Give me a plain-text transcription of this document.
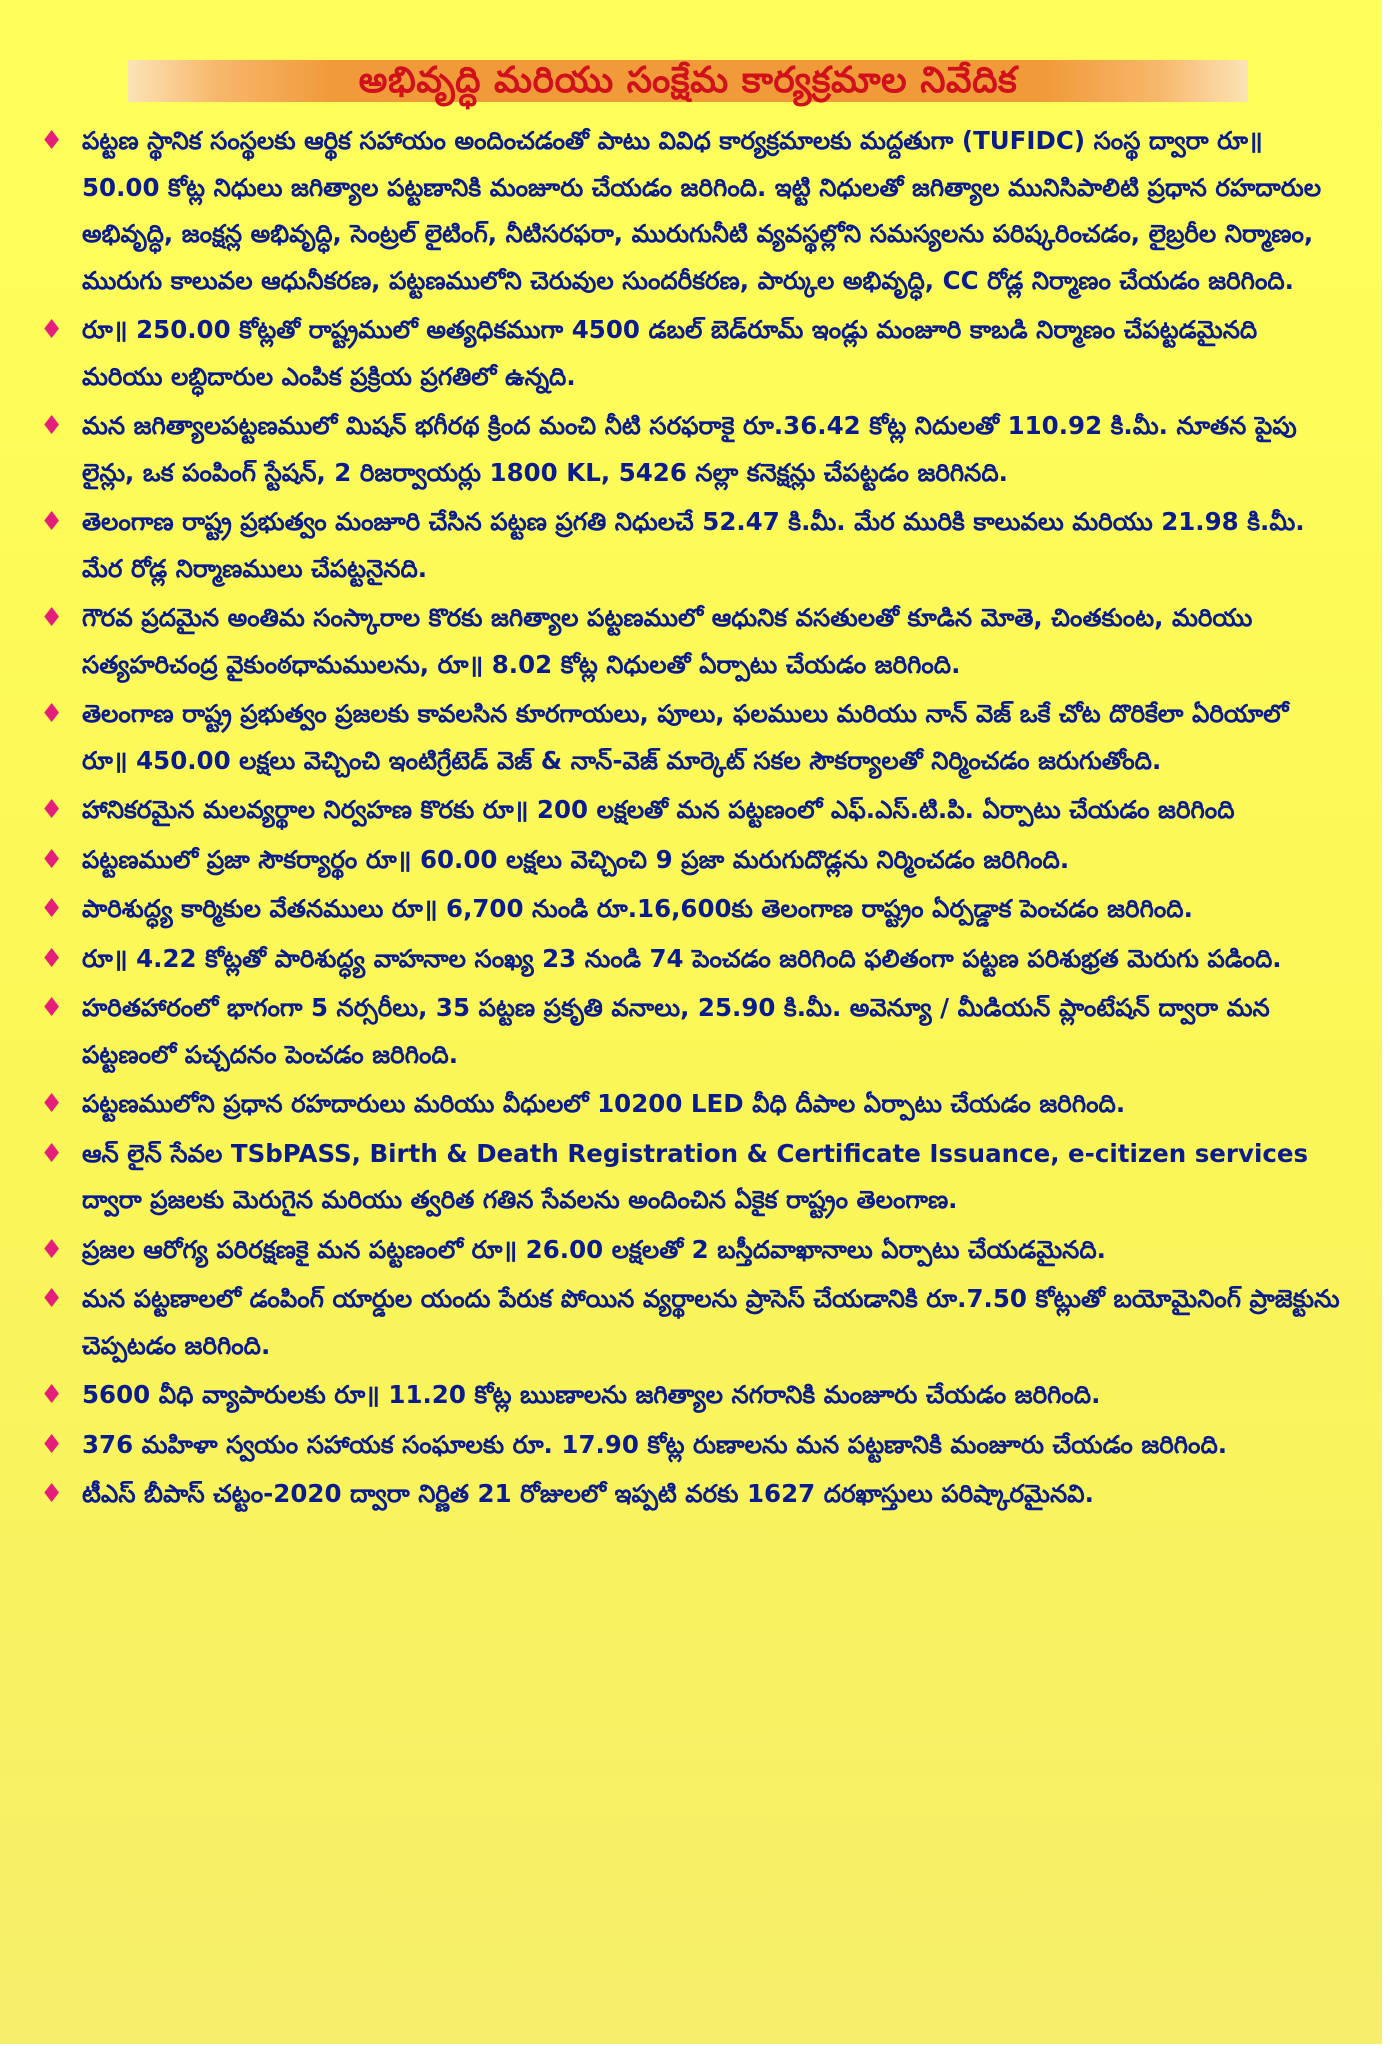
అభివృద్ధి మరియు సంక్షేమ కార్యక్రమాల నివేదిక
♦ పట్టణ స్థానిక సంస్థలకు ఆర్థిక సహాయం అందించడంతో పాటు వివిధ కార్యక్రమాలకు మద్దతుగా (TUFIDC) సంస్థ ద్వారా రూ॥ 50.00 కోట్ల నిధులు జగిత్యాల పట్టణానికి మంజూరు చేయడం జరిగింది. ఇట్టి నిధులతో జగిత్యాల మునిసిపాలిటి ప్రధాన రహదారుల అభివృద్ధి, జంక్షన్ల అభివృద్ధి, సెంట్రల్ లైటింగ్, నీటిసరఫరా, మురుగునీటి వ్యవస్థల్లోని సమస్యలను పరిష్కరించడం, లైబ్రరీల నిర్మాణం, మురుగు కాలువల ఆధునీకరణ, పట్టణములోని చెరువుల సుందరీకరణ, పార్కుల అభివృద్ధి, CC రోడ్ల నిర్మాణం చేయడం జరిగింది.
♦ రూ॥ 250.00 కోట్లతో రాష్ట్రములో అత్యధికముగా 4500 డబల్ బెడ్‌రూమ్ ఇండ్లు మంజూరి కాబడి నిర్మాణం చేపట్టడమైనది మరియు లబ్ధిదారుల ఎంపిక ప్రక్రియ ప్రగతిలో ఉన్నది.
♦ మన జగిత్యాలపట్టణములో మిషన్ భగీరథ క్రింద మంచి నీటి సరఫరాకై రూ.36.42 కోట్ల నిదులతో 110.92 కి.మీ. నూతన పైపు లైన్లు, ఒక పంపింగ్ స్టేషన్, 2 రిజర్వాయర్లు 1800 KL, 5426 నల్లా కనెక్షన్లు చేపట్టడం జరిగినది.
♦ తెలంగాణ రాష్ట్ర ప్రభుత్వం మంజూరి చేసిన పట్టణ ప్రగతి నిధులచే 52.47 కి.మీ. మేర మురికి కాలువలు మరియు 21.98 కి.మీ. మేర రోడ్ల నిర్మాణములు చేపట్టనైనది.
♦ గౌరవ ప్రదమైన అంతిమ సంస్కారాల కొరకు జగిత్యాల పట్టణములో ఆధునిక వసతులతో కూడిన మోతె, చింతకుంట, మరియు సత్యహరిచంద్ర వైకుంఠధామములను, రూ॥ 8.02 కోట్ల నిధులతో ఏర్పాటు చేయడం జరిగింది.
♦ తెలంగాణ రాష్ట్ర ప్రభుత్వం ప్రజలకు కావలసిన కూరగాయలు, పూలు, ఫలములు మరియు నాన్ వెజ్ ఒకే చోట దొరికేలా ఏరియాలో రూ॥ 450.00 లక్షలు వెచ్చించి ఇంటిగ్రేటెడ్ వెజ్ & నాన్-వెజ్ మార్కెట్ సకల సౌకర్యాలతో నిర్మించడం జరుగుతోంది.
♦ హానికరమైన మలవ్యర్థాల నిర్వహణ కొరకు రూ॥ 200 లక్షలతో మన పట్టణంలో ఎఫ్.ఎస్.టి.పి. ఏర్పాటు చేయడం జరిగింది
♦ పట్టణములో ప్రజా సౌకర్యార్థం రూ॥ 60.00 లక్షలు వెచ్చించి 9 ప్రజా మరుగుదొడ్లను నిర్మించడం జరిగింది.
♦ పారిశుద్ధ్య కార్మికుల వేతనములు రూ॥ 6,700 నుండి రూ.16,600కు తెలంగాణ రాష్ట్రం ఏర్పడ్డాక పెంచడం జరిగింది.
♦ రూ॥ 4.22 కోట్లతో పారిశుద్ధ్య వాహనాల సంఖ్య 23 నుండి 74 పెంచడం జరిగింది ఫలితంగా పట్టణ పరిశుభ్రత మెరుగు పడింది.
♦ హరితహారంలో భాగంగా 5 నర్సరీలు, 35 పట్టణ ప్రకృతి వనాలు, 25.90 కి.మీ. అవెన్యూ / మీడియన్ ప్లాంటేషన్ ద్వారా మన పట్టణంలో పచ్చదనం పెంచడం జరిగింది.
♦ పట్టణములోని ప్రధాన రహదారులు మరియు వీధులలో 10200 LED వీధి దీపాల ఏర్పాటు చేయడం జరిగింది.
♦ ఆన్ లైన్ సేవల TSbPASS, Birth & Death Registration & Certificate Issuance, e-citizen services ద్వారా ప్రజలకు మెరుగైన మరియు త్వరిత గతిన సేవలను అందించిన ఏకైక రాష్ట్రం తెలంగాణ.
♦ ప్రజల ఆరోగ్య పరిరక్షణకై మన పట్టణంలో రూ॥ 26.00 లక్షలతో 2 బస్తీదవాఖానాలు ఏర్పాటు చేయడమైనది.
♦ మన పట్టణాలలో డంపింగ్ యార్డుల యందు పేరుక పోయిన వ్యర్థాలను ప్రాసెస్ చేయడానికి రూ.7.50 కోట్లుతో బయోమైనింగ్ ప్రాజెక్టును చెప్పటడం జరిగింది.
♦ 5600 వీధి వ్యాపారులకు రూ॥ 11.20 కోట్ల ఋణాలను జగిత్యాల నగరానికి మంజూరు చేయడం జరిగింది.
♦ 376 మహిళా స్వయం సహాయక సంఘాలకు రూ. 17.90 కోట్ల రుణాలను మన పట్టణానికి మంజూరు చేయడం జరిగింది.
♦ టీఎస్ బీపాస్ చట్టం-2020 ద్వారా నిర్ణిత 21 రోజులలో ఇప్పటి వరకు 1627 దరఖాస్తులు పరిష్కారమైనవి.
